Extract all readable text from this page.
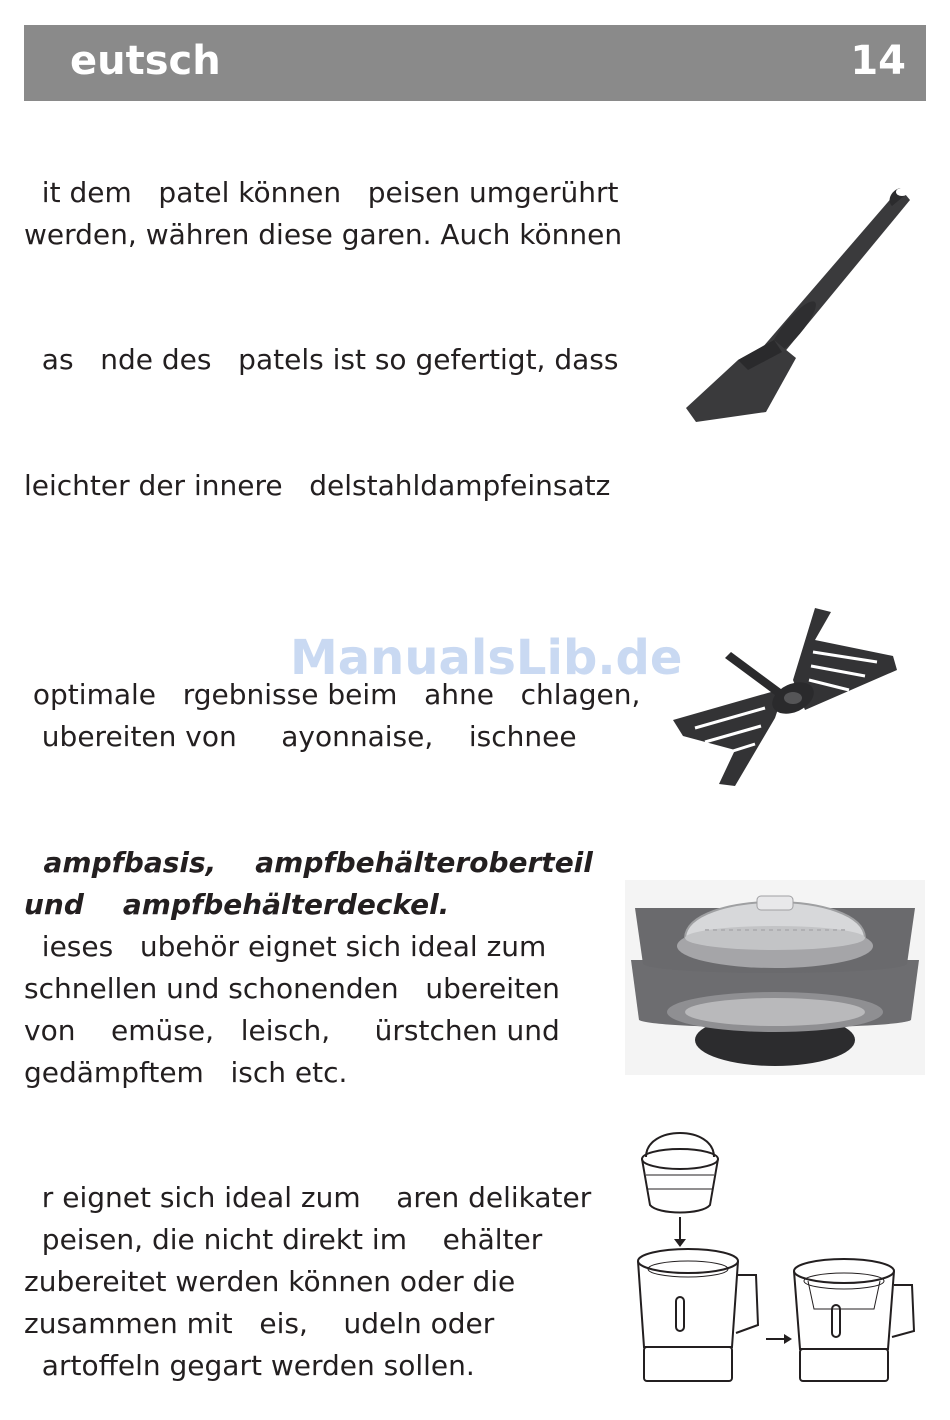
eutsch	14
it dem   patel können   peisen umgerührt
werden, währen diese garen. Auch können
as   nde des   patels ist so gefertigt, dass
leichter der innere   delstahldampfeinsatz
ManualsLib.de
optimale   rgebnisse beim   ahne   chlagen,
ubereiten von     ayonnaise,    ischnee
ampfbasis,    ampfbehälteroberteil
und    ampfbehälterdeckel.
ieses   ubehör eignet sich ideal zum
schnellen und schonenden   ubereiten
von    emüse,   leisch,     ürstchen und
gedämpftem   isch etc.
r eignet sich ideal zum    aren delikater
peisen, die nicht direkt im    ehälter
zubereitet werden können oder die
zusammen mit   eis,    udeln oder
artoffeln gegart werden sollen.
